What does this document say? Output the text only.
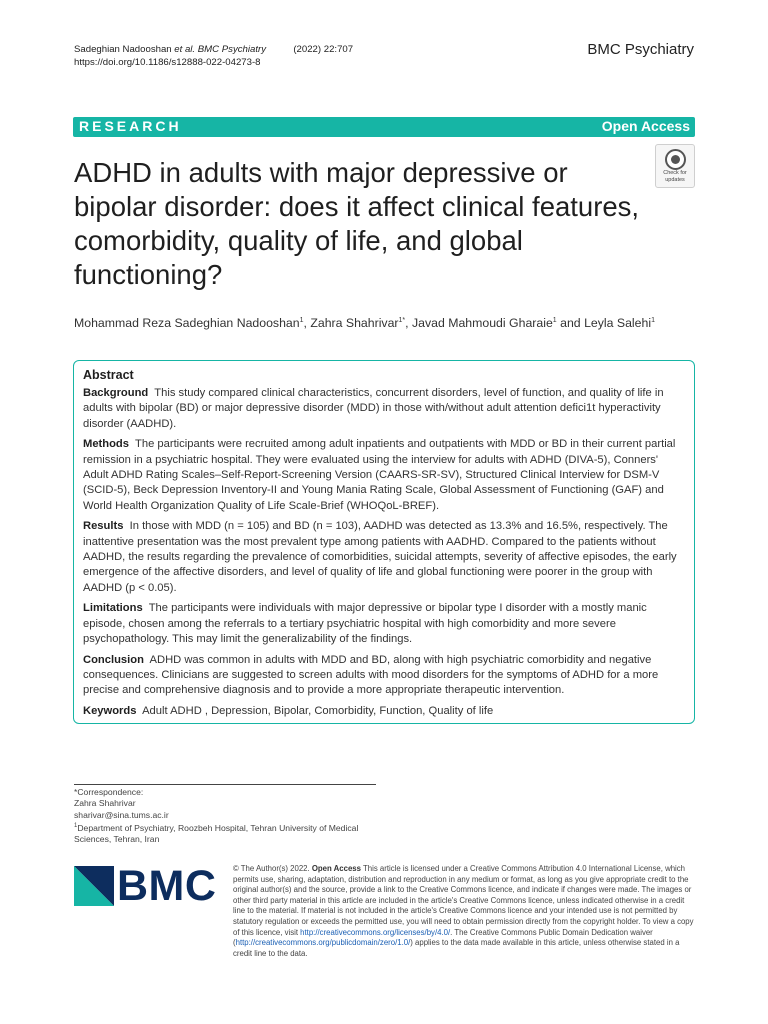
Sadeghian Nadooshan et al. BMC Psychiatry	(2022) 22:707
https://doi.org/10.1186/s12888-022-04273-8
BMC Psychiatry
RESEARCH	Open Access
Check for updates
ADHD in adults with major depressive or bipolar disorder: does it affect clinical features, comorbidity, quality of life, and global functioning?
Mohammad Reza Sadeghian Nadooshan$^1$, Zahra Shahrivar$^{1*}$, Javad Mahmoudi Gharaie$^1$ and Leyla Salehi$^1$
Abstract

Background This study compared clinical characteristics, concurrent disorders, level of function, and quality of life in adults with bipolar (BD) or major depressive disorder (MDD) in those with/without adult attention defici1t hyperactivity disorder (AADHD).

Methods The participants were recruited among adult inpatients and outpatients with MDD or BD in their current partial remission in a psychiatric hospital. They were evaluated using the interview for adults with ADHD (DIVA-5), Conners' Adult ADHD Rating Scales–Self-Report-Screening Version (CAARS-SR-SV), Structured Clinical Interview for DSM-V (SCID-5), Beck Depression Inventory-II and Young Mania Rating Scale, Global Assessment of Functioning (GAF) and World Health Organization Quality of Life Scale-Brief (WHOQoL-BREF).

Results In those with MDD (n = 105) and BD (n = 103), AADHD was detected as 13.3% and 16.5%, respectively. The inattentive presentation was the most prevalent type among patients with AADHD. Compared to the patients without AADHD, the results regarding the prevalence of comorbidities, suicidal attempts, severity of affective episodes, the early emergence of the affective disorders, and level of quality of life and global functioning were poorer in the group with AADHD (p < 0.05).

Limitations The participants were individuals with major depressive or bipolar type I disorder with a mostly manic episode, chosen among the referrals to a tertiary psychiatric hospital with high comorbidity and more severe psychopathology. This may limit the generalizability of the findings.

Conclusion ADHD was common in adults with MDD and BD, along with high psychiatric comorbidity and negative consequences. Clinicians are suggested to screen adults with mood disorders for the symptoms of ADHD for a more precise and comprehensive diagnosis and to provide a more appropriate therapeutic intervention.

Keywords Adult ADHD , Depression, Bipolar, Comorbidity, Function, Quality of life

*Correspondence:
Zahra Shahrivar
sharivar@sina.tums.ac.ir
$^1$Department of Psychiatry, Roozbeh Hospital, Tehran University of Medical Sciences, Tehran, Iran
BMC © The Author(s) 2022. Open Access This article is licensed under a Creative Commons Attribution 4.0 International License, which permits use, sharing, adaptation, distribution and reproduction in any medium or format, as long as you give appropriate credit to the original author(s) and the source, provide a link to the Creative Commons licence, and indicate if changes were made. The images or other third party material in this article are included in the article's Creative Commons licence, unless indicated otherwise in a credit line to the material. If material is not included in the article's Creative Commons licence and your intended use is not permitted by statutory regulation or exceeds the permitted use, you will need to obtain permission directly from the copyright holder. To view a copy of this licence, visit http://creativecommons.org/licenses/by/4.0/. The Creative Commons Public Domain Dedication waiver (http://creativecommons.org/publicdomain/zero/1.0/) applies to the data made available in this article, unless otherwise stated in a credit line to the data.
